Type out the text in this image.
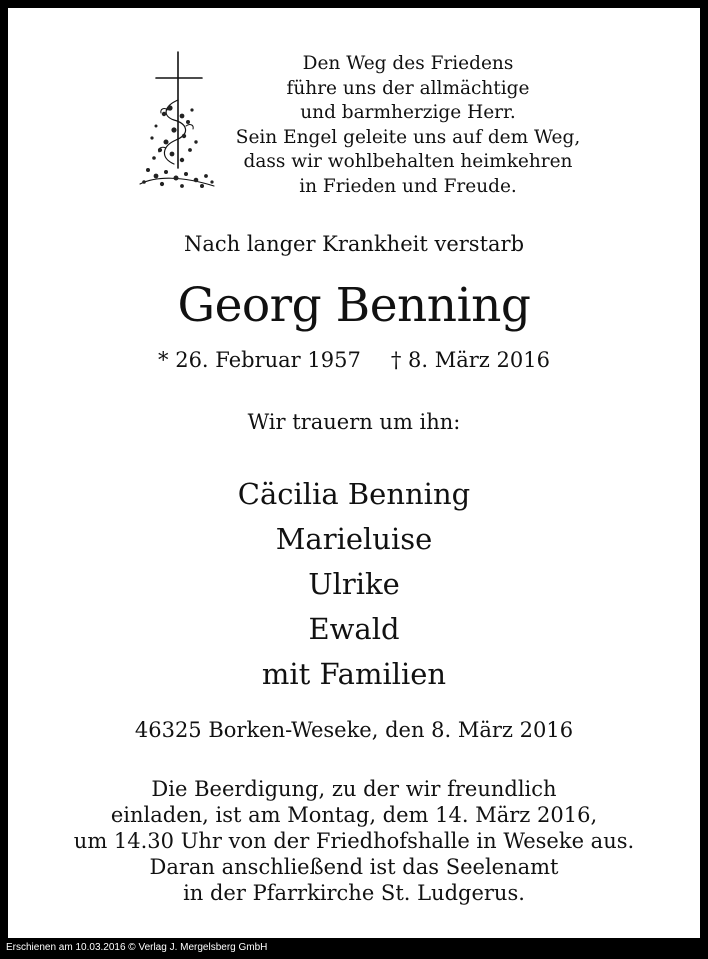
Den Weg des Friedens
führe uns der allmächtige
und barmherzige Herr.
Sein Engel geleite uns auf dem Weg,
dass wir wohlbehalten heimkehren
in Frieden und Freude.
Nach langer Krankheit verstarb
Georg Benning
* 26. Februar 1957 † 8. März 2016
Wir trauern um ihn:
Cäcilia Benning
Marieluise
Ulrike
Ewald
mit Familien
46325 Borken-Weseke, den 8. März 2016
Die Beerdigung, zu der wir freundlich
einladen, ist am Montag, dem 14. März 2016,
um 14.30 Uhr von der Friedhofshalle in Weseke aus.
Daran anschließend ist das Seelenamt
in der Pfarrkirche St. Ludgerus.
Erschienen am 10.03.2016 © Verlag J. Mergelsberg GmbH
